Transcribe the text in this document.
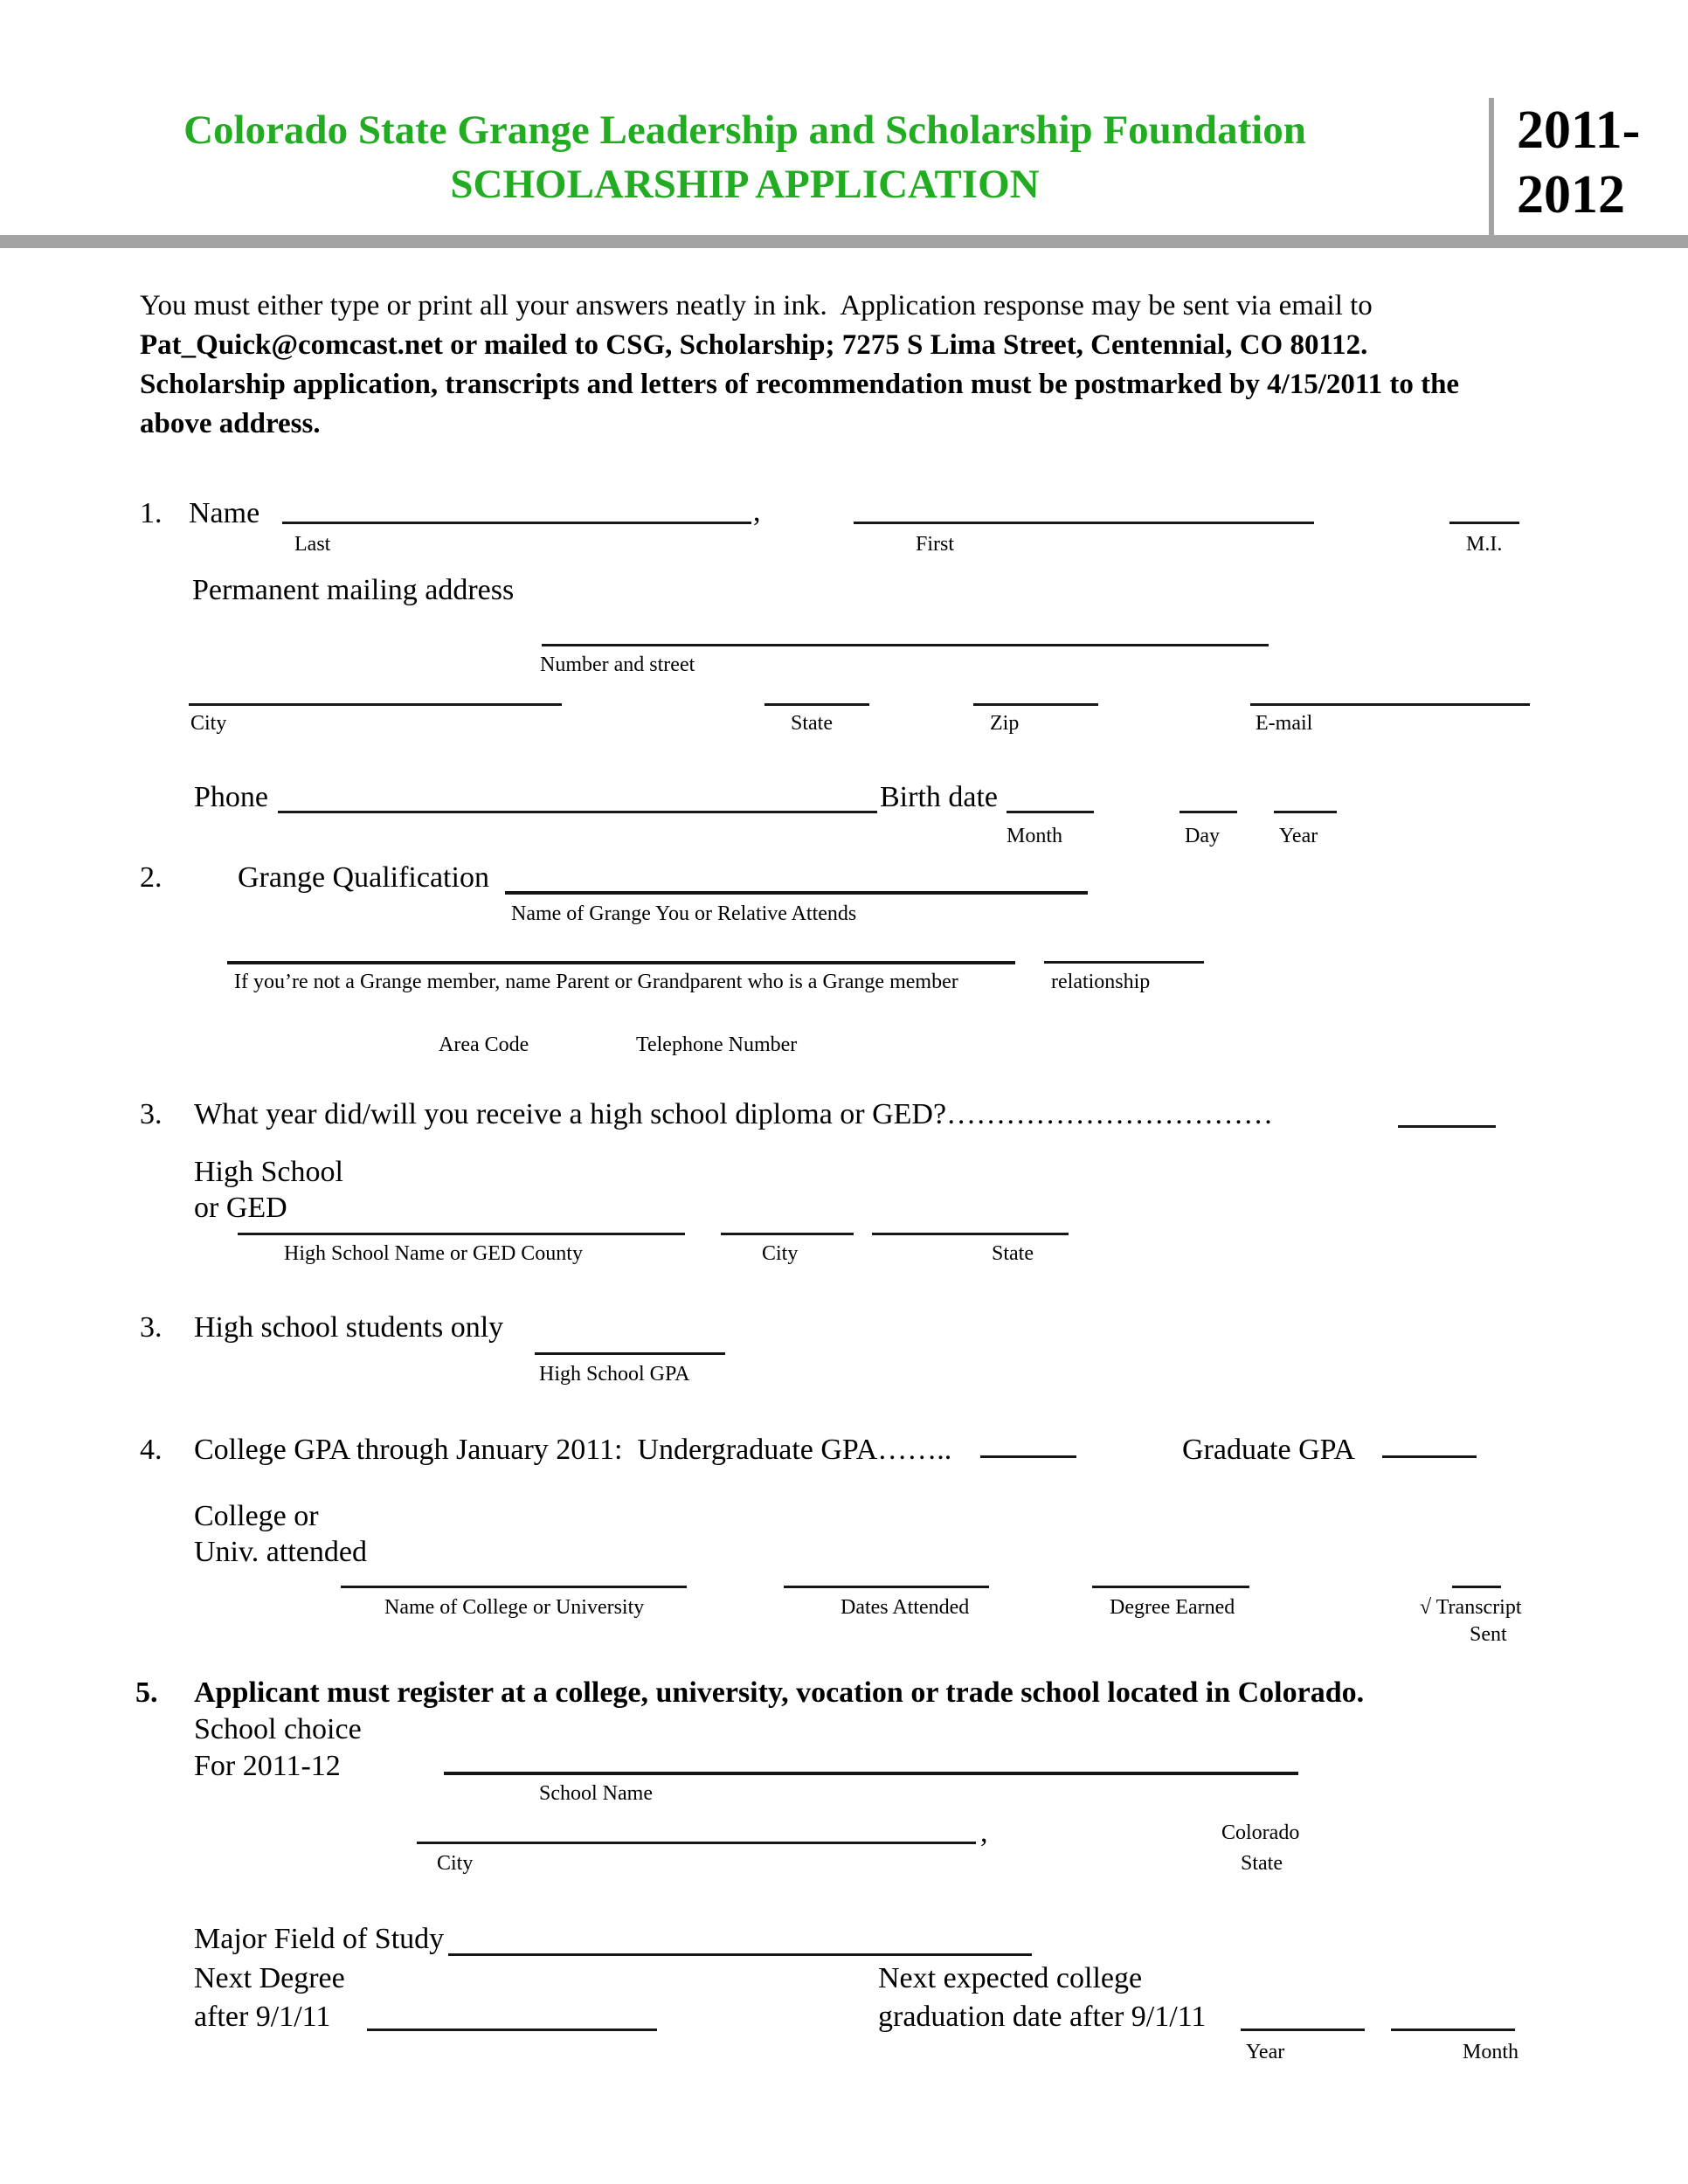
Colorado State Grange Leadership and Scholarship Foundation
SCHOLARSHIP APPLICATION
2011-
2012
You must either type or print all your answers neatly in ink.  Application response may be sent via email to
Pat_Quick@comcast.net or mailed to CSG, Scholarship; 7275 S Lima Street, Centennial, CO 80112.
Scholarship application, transcripts and letters of recommendation must be postmarked by 4/15/2011 to the
above address.
1. Name	,
Last	First	M.I.
Permanent mailing address
Number and street
City	State	Zip	E-mail
Phone	Birth date
Month	Day	Year
2.	Grange Qualification
Name of Grange You or Relative Attends
If you’re not a Grange member, name Parent or Grandparent who is a Grange member	relationship
Area Code	Telephone Number
3. What year did/will you receive a high school diploma or GED?……………………………
High School
or GED
High School Name or GED County	City	State
3. High school students only
High School GPA
4. College GPA through January 2011:  Undergraduate GPA……..	Graduate GPA
College or
Univ. attended
Name of College or University	Dates Attended	Degree Earned	√ Transcript
Sent
5. Applicant must register at a college, university, vocation or trade school located in Colorado.
School choice
For 2011-12
School Name
,
City
Colorado
State
Major Field of Study
Next Degree
after 9/1/11
Next expected college
graduation date after 9/1/11
Year	Month
